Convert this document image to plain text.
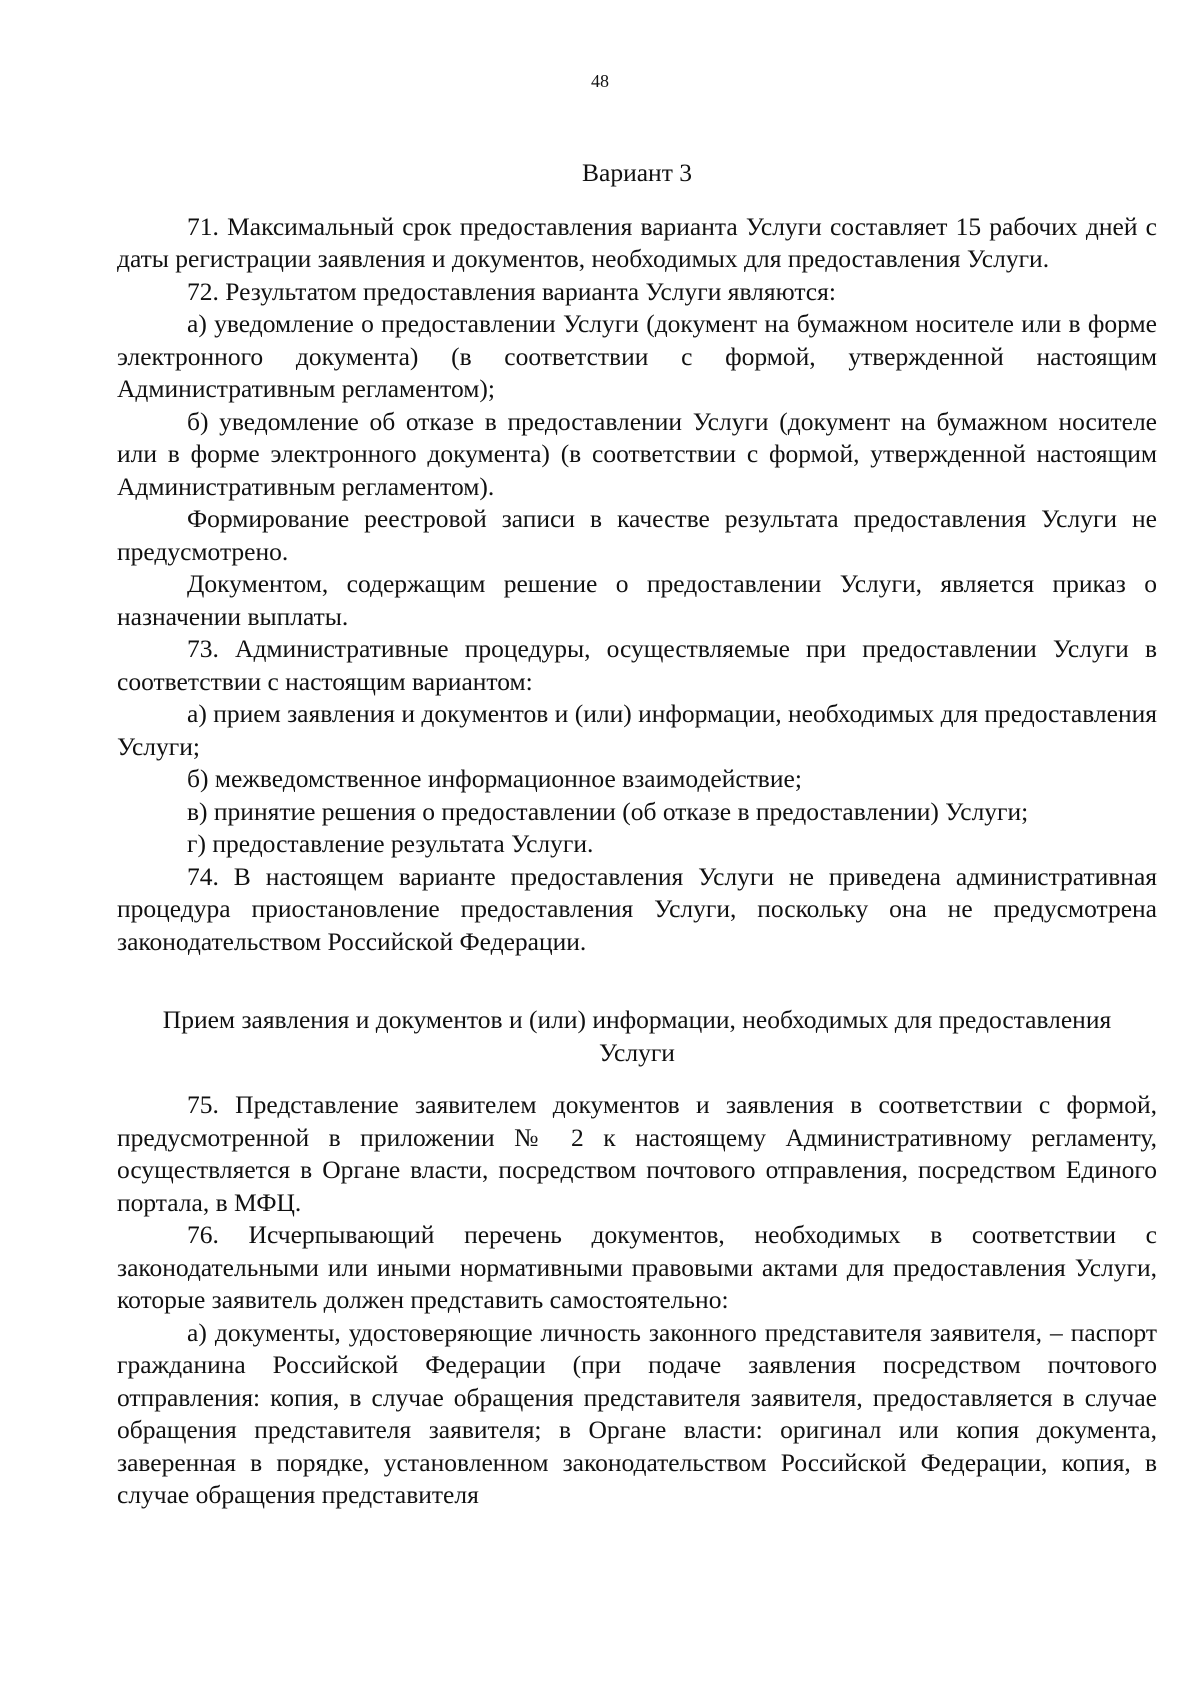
48

Вариант 3

71. Максимальный срок предоставления варианта Услуги составляет 15 рабочих дней с даты регистрации заявления и документов, необходимых для предоставления Услуги.

72. Результатом предоставления варианта Услуги являются:

а) уведомление о предоставлении Услуги (документ на бумажном носителе или в форме электронного документа) (в соответствии с формой, утвержденной настоящим Административным регламентом);

б) уведомление об отказе в предоставлении Услуги (документ на бумажном носителе или в форме электронного документа) (в соответствии с формой, утвержденной настоящим Административным регламентом).

Формирование реестровой записи в качестве результата предоставления Услуги не предусмотрено.

Документом, содержащим решение о предоставлении Услуги, является приказ о назначении выплаты.

73. Административные процедуры, осуществляемые при предоставлении Услуги в соответствии с настоящим вариантом:

а) прием заявления и документов и (или) информации, необходимых для предоставления Услуги;

б) межведомственное информационное взаимодействие;

в) принятие решения о предоставлении (об отказе в предоставлении) Услуги;

г) предоставление результата Услуги.

74. В настоящем варианте предоставления Услуги не приведена административная процедура приостановление предоставления Услуги, поскольку она не предусмотрена законодательством Российской Федерации.

Прием заявления и документов и (или) информации, необходимых для предоставления Услуги

75. Представление заявителем документов и заявления в соответствии с формой, предусмотренной в приложении № 2 к настоящему Административному регламенту, осуществляется в Органе власти, посредством почтового отправления, посредством Единого портала, в МФЦ.

76. Исчерпывающий перечень документов, необходимых в соответствии с законодательными или иными нормативными правовыми актами для предоставления Услуги, которые заявитель должен представить самостоятельно:

а) документы, удостоверяющие личность законного представителя заявителя, – паспорт гражданина Российской Федерации (при подаче заявления посредством почтового отправления: копия, в случае обращения представителя заявителя, предоставляется в случае обращения представителя заявителя; в Органе власти: оригинал или копия документа, заверенная в порядке, установленном законодательством Российской Федерации, копия, в случае обращения представителя
